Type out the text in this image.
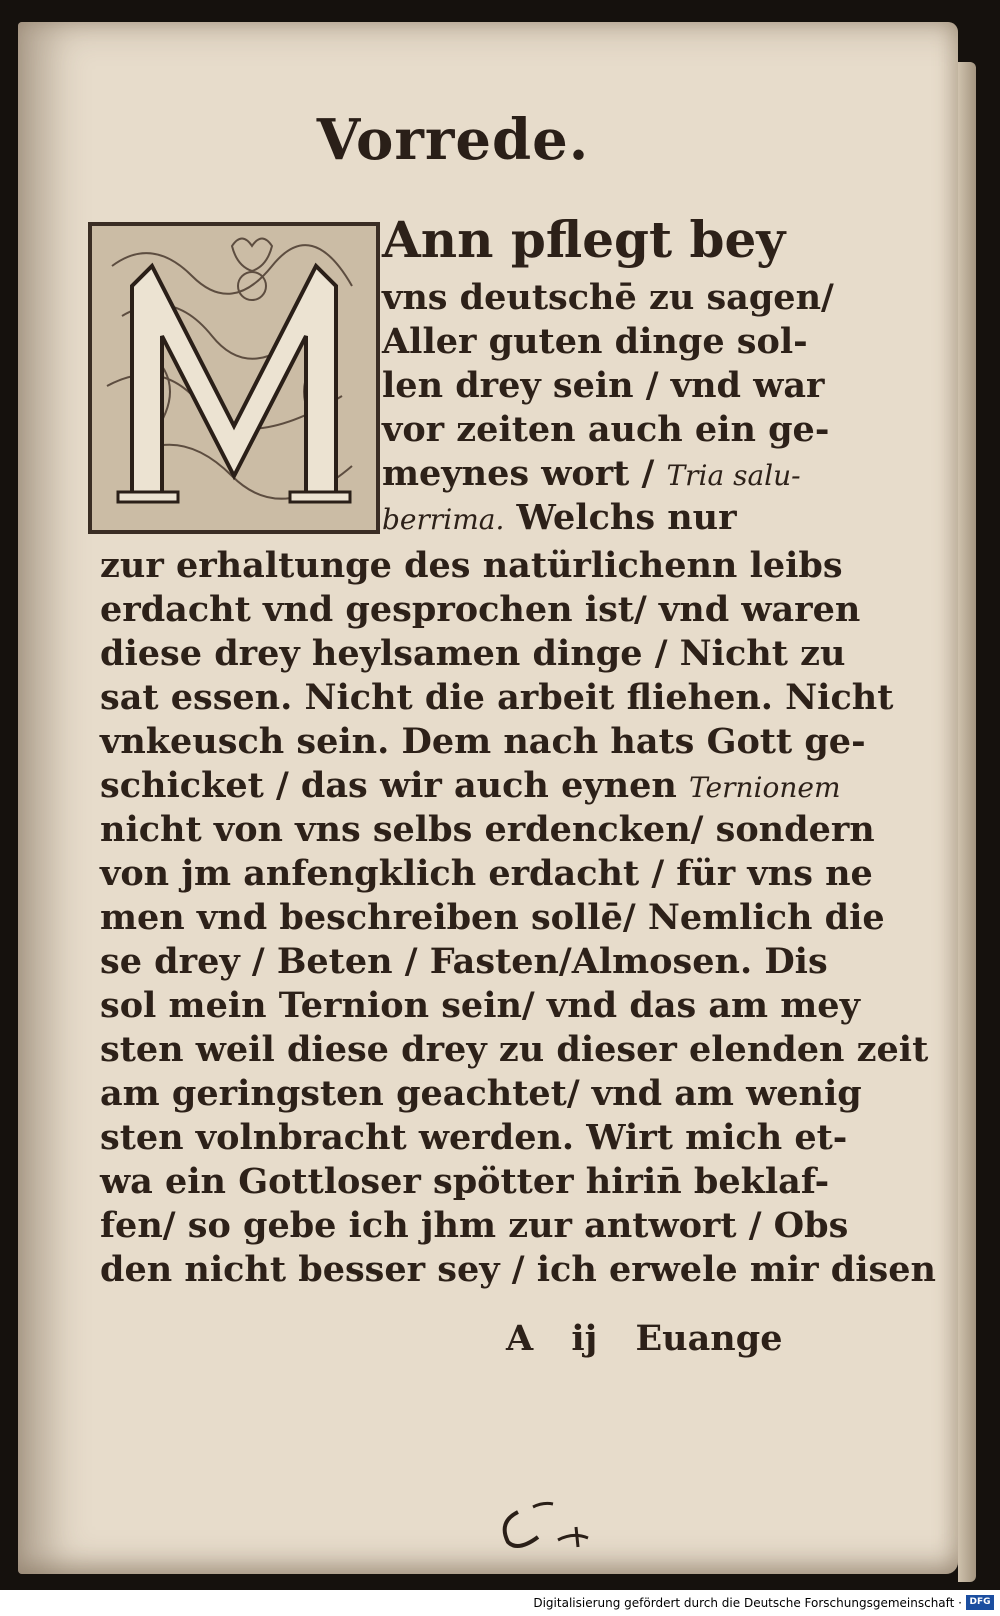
Vorrede.
Ann pflegt bey
vns deutschē zu sagen/
Aller guten dinge sol-
len drey sein / vnd war
vor zeiten auch ein ge-
meynes wort / Tria salu-
berrima. Welchs nur
zur erhaltunge des natürlichenn leibs
erdacht vnd gesprochen ist/ vnd waren
diese drey heylsamen dinge / Nicht zu
sat essen. Nicht die arbeit fliehen. Nicht
vnkeusch sein. Dem nach hats Gott ge-
schicket / das wir auch eynen Ternionem
nicht von vns selbs erdencken/ sondern
von jm anfengklich erdacht / für vns ne
men vnd beschreiben sollē/ Nemlich die
se drey / Beten / Fasten/Almosen. Dis
sol mein Ternion sein/ vnd das am mey
sten weil diese drey zu dieser elenden zeit
am geringsten geachtet/ vnd am wenig
sten volnbracht werden. Wirt mich et-
wa ein Gottloser spötter hirin̄ beklaf-
fen/ so gebe ich jhm zur antwort / Obs
den nicht besser sey / ich erwele mir disen
A ij Euange
Digitalisierung gefördert durch die Deutsche Forschungsgemeinschaft · DFG
